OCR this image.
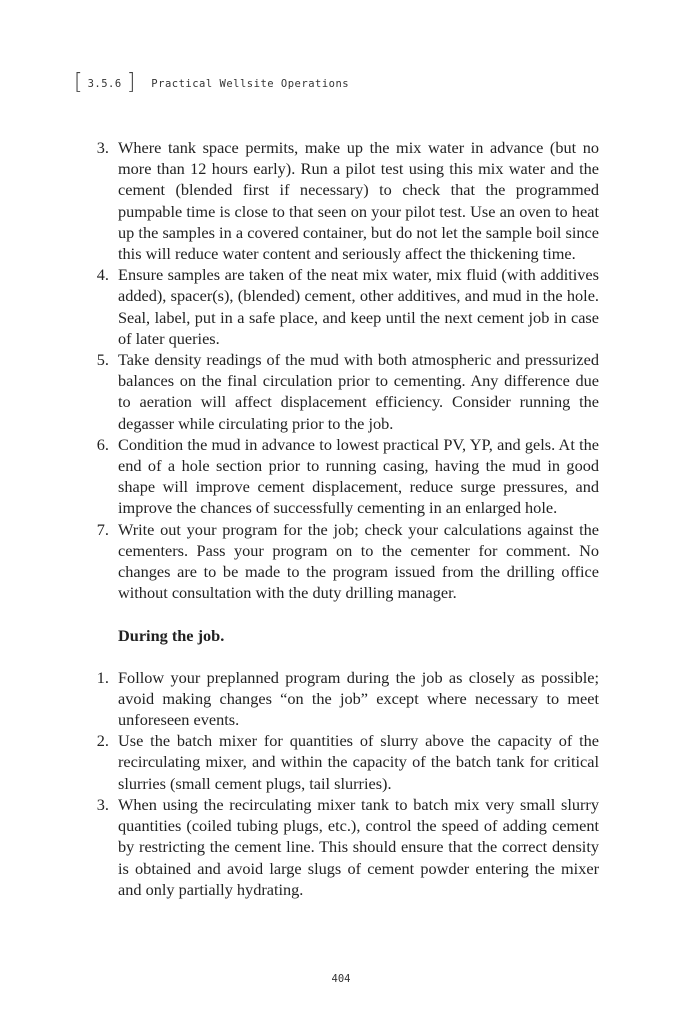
[ 3.5.6 ] Practical Wellsite Operations
3. Where tank space permits, make up the mix water in advance (but no more than 12 hours early). Run a pilot test using this mix water and the cement (blended first if necessary) to check that the programmed pumpable time is close to that seen on your pilot test. Use an oven to heat up the samples in a covered container, but do not let the sample boil since this will reduce water content and seriously affect the thickening time.
4. Ensure samples are taken of the neat mix water, mix fluid (with additives added), spacer(s), (blended) cement, other additives, and mud in the hole. Seal, label, put in a safe place, and keep until the next cement job in case of later queries.
5. Take density readings of the mud with both atmospheric and pressurized balances on the final circulation prior to cementing. Any difference due to aeration will affect displacement efficiency. Consider running the degasser while circulating prior to the job.
6. Condition the mud in advance to lowest practical PV, YP, and gels. At the end of a hole section prior to running casing, having the mud in good shape will improve cement displacement, reduce surge pressures, and improve the chances of successfully cementing in an enlarged hole.
7. Write out your program for the job; check your calculations against the cementers. Pass your program on to the cementer for comment. No changes are to be made to the program issued from the drilling office without consultation with the duty drilling manager.
During the job.
1. Follow your preplanned program during the job as closely as possible; avoid making changes “on the job” except where necessary to meet unforeseen events.
2. Use the batch mixer for quantities of slurry above the capacity of the recirculating mixer, and within the capacity of the batch tank for critical slurries (small cement plugs, tail slurries).
3. When using the recirculating mixer tank to batch mix very small slurry quantities (coiled tubing plugs, etc.), control the speed of adding cement by restricting the cement line. This should ensure that the correct density is obtained and avoid large slugs of cement powder entering the mixer and only partially hydrating.
404
